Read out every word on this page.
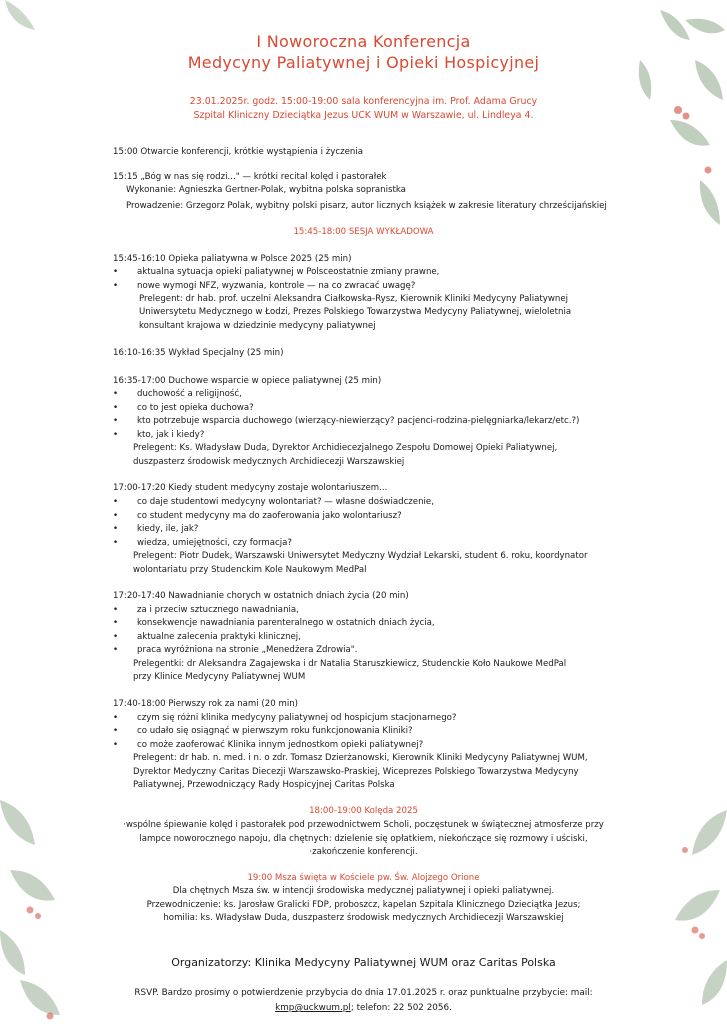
I Noworoczna Konferencja
Medycyny Paliatywnej i Opieki Hospicyjnej
23.01.2025r. godz. 15:00-19:00 sala konferencyjna im. Prof. Adama Grucy
Szpital Kliniczny Dzieciątka Jezus UCK WUM w Warszawie, ul. Lindleya 4.
15:00 Otwarcie konferencji, krótkie wystąpienia i życzenia
15:15 „Bóg w nas się rodzi..." — krótki recital kolęd i pastorałek
Wykonanie: Agnieszka Gertner-Polak, wybitna polska sopranistka
Prowadzenie: Grzegorz Polak, wybitny polski pisarz, autor licznych książek w zakresie literatury chrześcijańskiej
15:45-18:00 SESJA WYKŁADOWA
15:45-16:10 Opieka paliatywna w Polsce 2025 (25 min)
• aktualna sytuacja opieki paliatywnej w Polsceostatnie zmiany prawne,
• nowe wymogi NFZ, wyzwania, kontrole — na co zwracać uwagę?
Prelegent: dr hab. prof. uczelni Aleksandra Ciałkowska-Rysz, Kierownik Kliniki Medycyny Paliatywnej
Uniwersytetu Medycznego w Łodzi, Prezes Polskiego Towarzystwa Medycyny Paliatywnej, wieloletnia
konsultant krajowa w dziedzinie medycyny paliatywnej
16:10-16:35 Wykład Specjalny (25 min)
16:35-17:00 Duchowe wsparcie w opiece paliatywnej (25 min)
• duchowość a religijność,
• co to jest opieka duchowa?
• kto potrzebuje wsparcia duchowego (wierzący-niewierzący? pacjenci-rodzina-pielęgniarka/lekarz/etc.?)
• kto, jak i kiedy?
Prelegent: Ks. Władysław Duda, Dyrektor Archidiecezjalnego Zespołu Domowej Opieki Paliatywnej,
duszpasterz środowisk medycznych Archidiecezji Warszawskiej
17:00-17:20 Kiedy student medycyny zostaje wolontariuszem...
• co daje studentowi medycyny wolontariat? — własne doświadczenie,
• co student medycyny ma do zaoferowania jako wolontariusz?
• kiedy, ile, jak?
• wiedza, umiejętności, czy formacja?
Prelegent: Piotr Dudek, Warszawski Uniwersytet Medyczny Wydział Lekarski, student 6. roku, koordynator
wolontariatu przy Studenckim Kole Naukowym MedPal
17:20-17:40 Nawadnianie chorych w ostatnich dniach życia (20 min)
• za i przeciw sztucznego nawadniania,
• konsekwencje nawadniania parenteralnego w ostatnich dniach życia,
• aktualne zalecenia praktyki klinicznej,
• praca wyróżniona na stronie „Menedżera Zdrowia".
Prelegentki: dr Aleksandra Zagajewska i dr Natalia Staruszkiewicz, Studenckie Koło Naukowe MedPal
przy Klinice Medycyny Paliatywnej WUM
17:40-18:00 Pierwszy rok za nami (20 min)
• czym się różni klinika medycyny paliatywnej od hospicjum stacjonarnego?
• co udało się osiągnąć w pierwszym roku funkcjonowania Kliniki?
• co może zaoferować Klinika innym jednostkom opieki paliatywnej?
Prelegent: dr hab. n. med. i n. o zdr. Tomasz Dzierżanowski, Kierownik Kliniki Medycyny Paliatywnej WUM,
Dyrektor Medyczny Caritas Diecezji Warszawsko-Praskiej, Wiceprezes Polskiego Towarzystwa Medycyny
Paliatywnej, Przewodniczący Rady Hospicyjnej Caritas Polska
18:00-19:00 Kolęda 2025
·wspólne śpiewanie kolęd i pastorałek pod przewodnictwem Scholi, poczęstunek w świątecznej atmosferze przy
lampce noworocznego napoju, dla chętnych: dzielenie się opłatkiem, niekończące się rozmowy i uściski,
·zakończenie konferencji.
19:00 Msza święta w Kościele pw. Św. Alojzego Orione
Dla chętnych Msza św. w intencji środowiska medycznej paliatywnej i opieki paliatywnej.
Przewodniczenie: ks. Jarosław Gralicki FDP, proboszcz, kapelan Szpitala Klinicznego Dzieciątka Jezus;
homilia: ks. Władysław Duda, duszpasterz środowisk medycznych Archidiecezji Warszawskiej
Organizatorzy: Klinika Medycyny Paliatywnej WUM oraz Caritas Polska
RSVP. Bardzo prosimy o potwierdzenie przybycia do dnia 17.01.2025 r. oraz punktualne przybycie: mail:
kmp@uckwum.pl; telefon: 22 502 2056.
